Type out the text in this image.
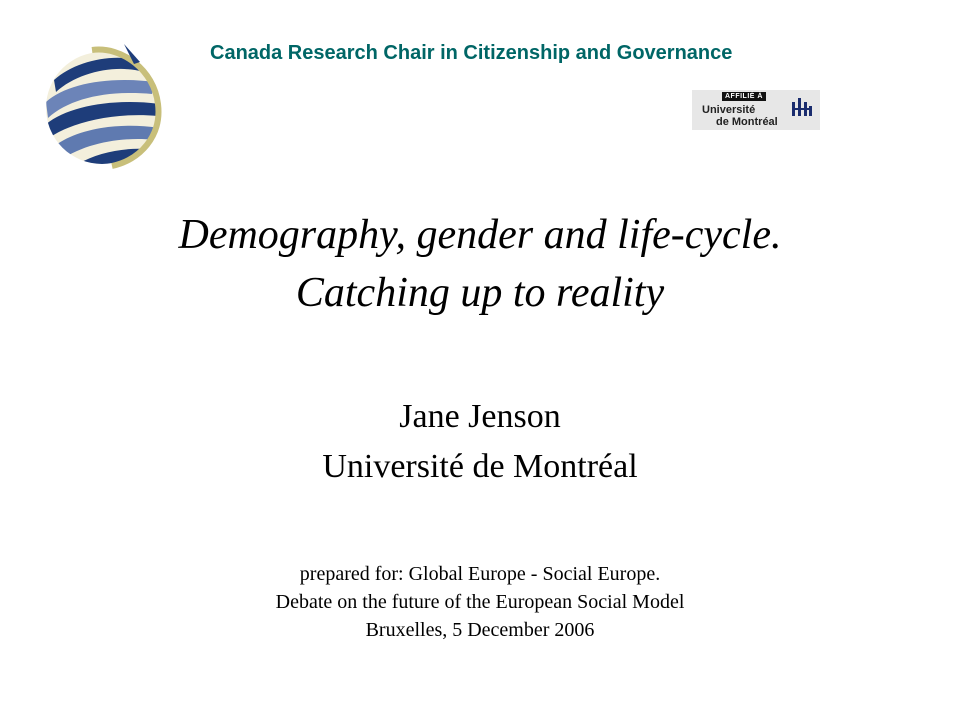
Canada Research Chair in Citizenship and Governance
AFFILIÉ À
Université
de Montréal
Demography, gender and life-cycle.
Catching up to reality
Jane Jenson
Université de Montréal
prepared for: Global Europe - Social Europe.
Debate on the future of the European Social Model
Bruxelles, 5 December 2006
